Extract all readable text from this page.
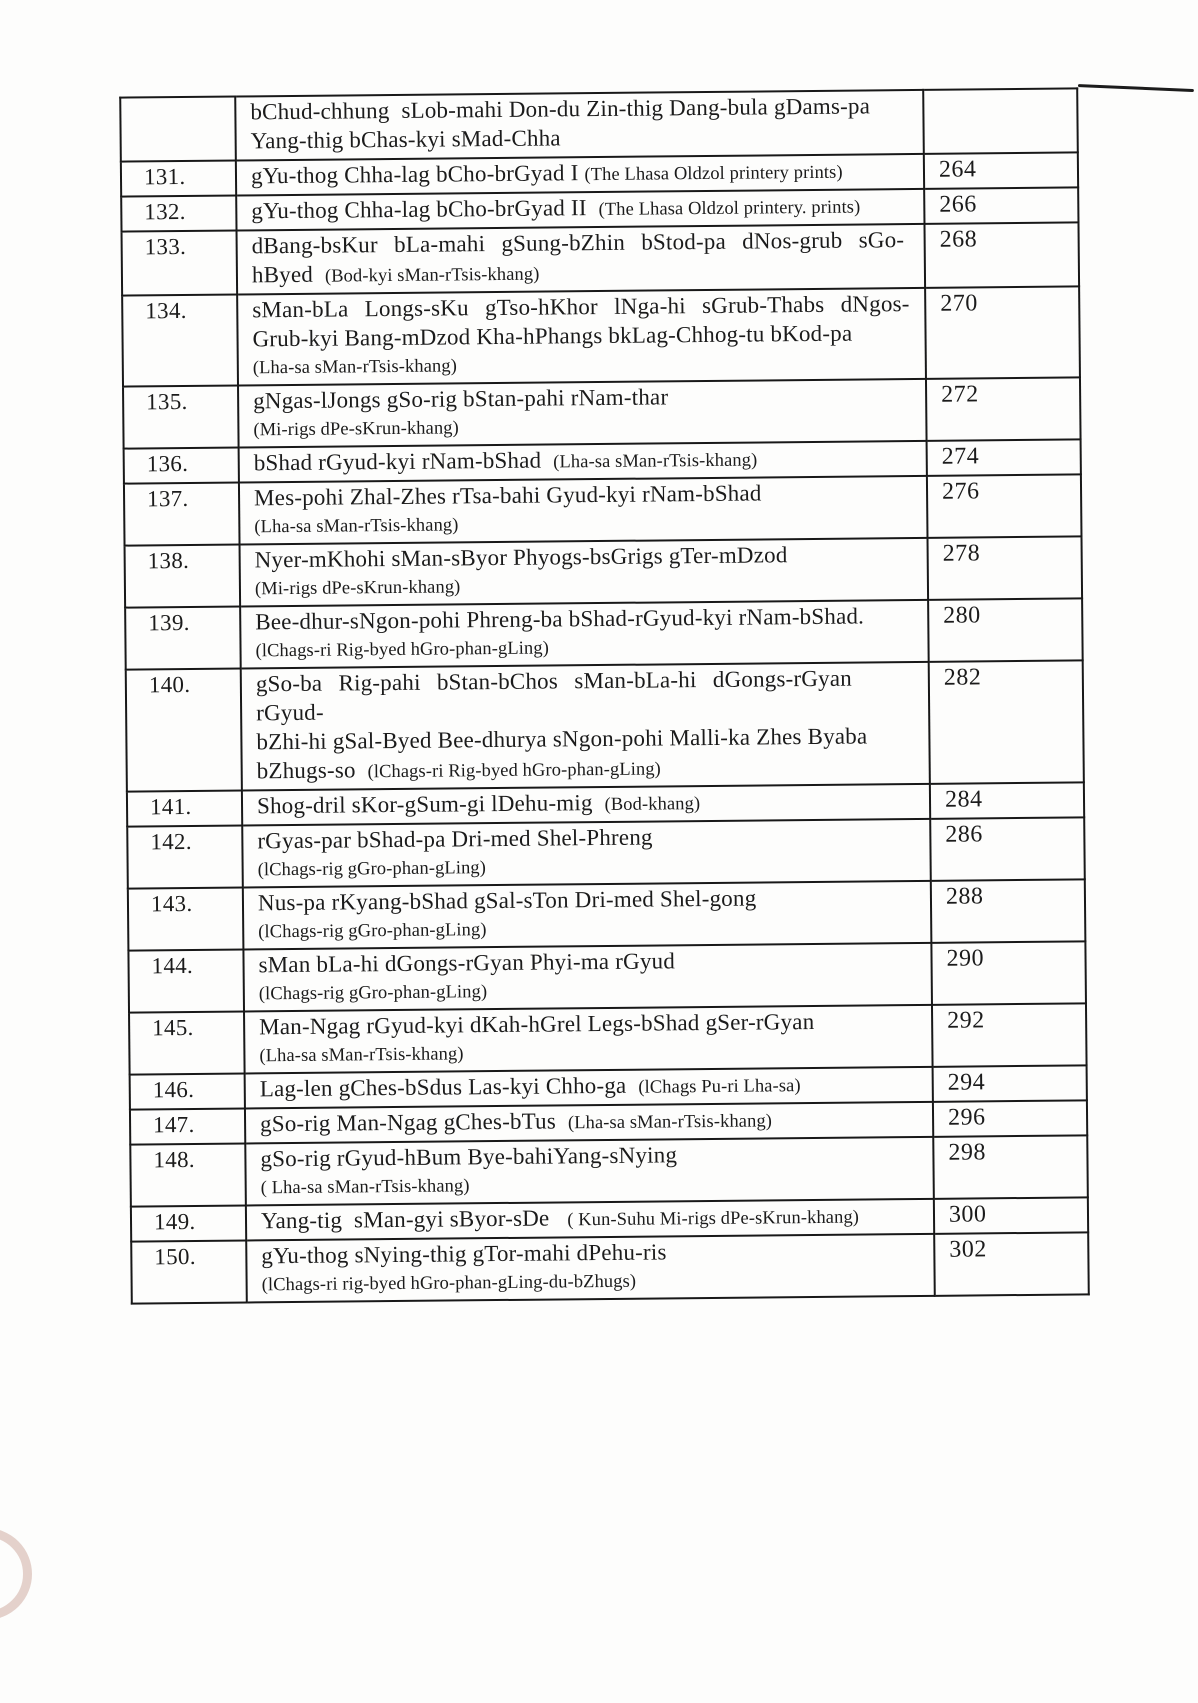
	bChud-chhung  sLob-mahi Don-du Zin-thig Dang-bula gDams-pa
Yang-thig bChas-kyi sMad-Chha	

131.	gYu-thog Chha-lag bCho-brGyad I (The Lhasa Oldzol printery prints)	264
132.	gYu-thog Chha-lag bCho-brGyad II  (The Lhasa Oldzol printery. prints)	266
133.	dBang-bsKur bLa-mahi gSung-bZhin bStod-pa dNos-grub sGo-
hByed  (Bod-kyi sMan-rTsis-khang)	268
134.	sMan-bLa Longs-sKu gTso-hKhor lNga-hi sGrub-Thabs dNgos-
Grub-kyi Bang-mDzod Kha-hPhangs bkLag-Chhog-tu bKod-pa
(Lha-sa sMan-rTsis-khang)	270
135.	gNgas-lJongs gSo-rig bStan-pahi rNam-thar
(Mi-rigs dPe-sKrun-khang)	272
136.	bShad rGyud-kyi rNam-bShad  (Lha-sa sMan-rTsis-khang)	274
137.	Mes-pohi Zhal-Zhes rTsa-bahi Gyud-kyi rNam-bShad
(Lha-sa sMan-rTsis-khang)	276
138.	Nyer-mKhohi sMan-sByor Phyogs-bsGrigs gTer-mDzod
(Mi-rigs dPe-sKrun-khang)	278
139.	Bee-dhur-sNgon-pohi Phreng-ba bShad-rGyud-kyi rNam-bShad.
(lChags-ri Rig-byed hGro-phan-gLing)	280
140.	gSo-ba Rig-pahi bStan-bChos sMan-bLa-hi dGongs-rGyan rGyud-
bZhi-hi gSal-Byed Bee-dhurya sNgon-pohi Malli-ka Zhes Byaba
bZhugs-so  (lChags-ri Rig-byed hGro-phan-gLing)	282
141.	Shog-dril sKor-gSum-gi lDehu-mig  (Bod-khang)	284
142.	rGyas-par bShad-pa Dri-med Shel-Phreng
(lChags-rig gGro-phan-gLing)	286
143.	Nus-pa rKyang-bShad gSal-sTon Dri-med Shel-gong
(lChags-rig gGro-phan-gLing)	288
144.	sMan bLa-hi dGongs-rGyan Phyi-ma rGyud
(lChags-rig gGro-phan-gLing)	290
145.	Man-Ngag rGyud-kyi dKah-hGrel Legs-bShad gSer-rGyan
(Lha-sa sMan-rTsis-khang)	292
146.	Lag-len gChes-bSdus Las-kyi Chho-ga  (lChags Pu-ri Lha-sa)	294
147.	gSo-rig Man-Ngag gChes-bTus  (Lha-sa sMan-rTsis-khang)	296
148.	gSo-rig rGyud-hBum Bye-bahiYang-sNying
( Lha-sa sMan-rTsis-khang)	298
149.	Yang-tig  sMan-gyi sByor-sDe   ( Kun-Suhu Mi-rigs dPe-sKrun-khang)	300
150.	gYu-thog sNying-thig gTor-mahi dPehu-ris
(lChags-ri rig-byed hGro-phan-gLing-du-bZhugs)	302
